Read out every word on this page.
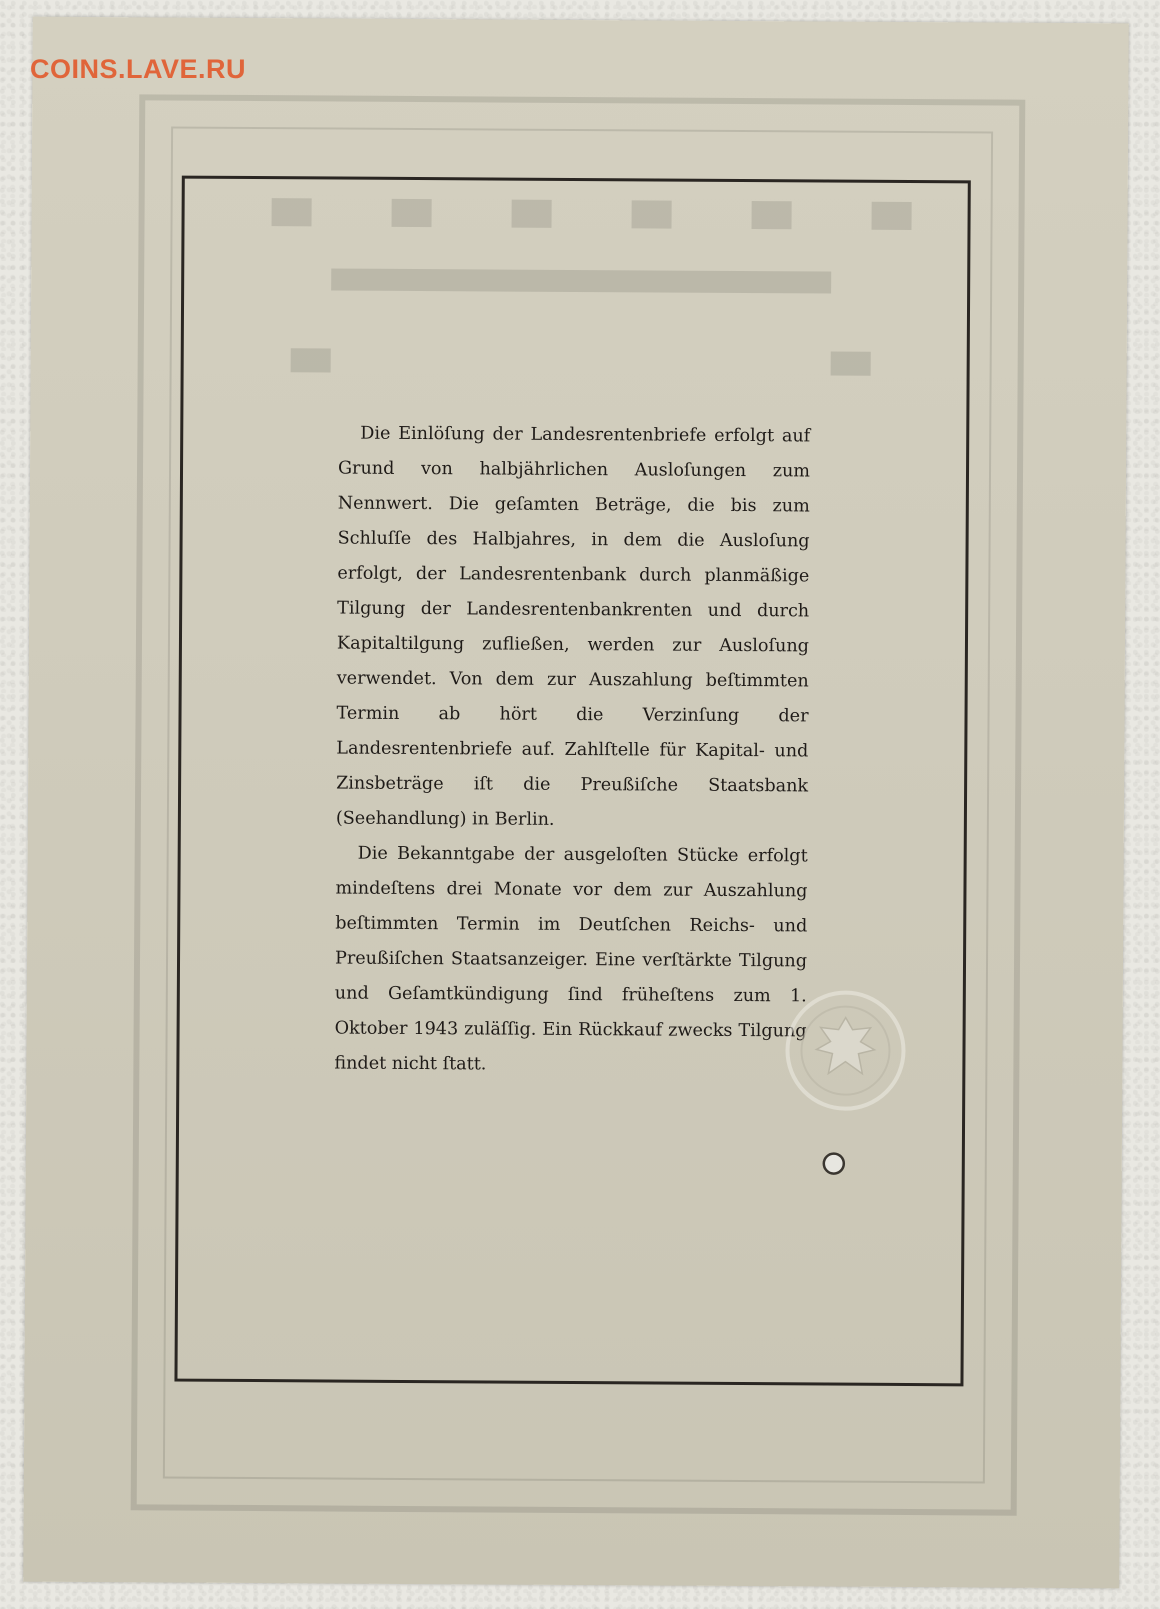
Die Einlöſung der Landesrentenbriefe erfolgt auf Grund von halbjährlichen Ausloſungen zum Nennwert. Die geſamten Beträge, die bis zum Schluſſe des Halbjahres, in dem die Ausloſung erfolgt, der Landesrentenbank durch planmäßige Tilgung der Landesrentenbankrenten und durch Kapitaltilgung zufließen, werden zur Ausloſung verwendet. Von dem zur Auszahlung beſtimmten Termin ab hört die Verzinſung der Landesrentenbriefe auf. Zahlſtelle für Kapital- und Zinsbeträge iſt die Preußiſche Staatsbank (Seehandlung) in Berlin.

Die Bekanntgabe der ausgeloſten Stücke erfolgt mindeſtens drei Monate vor dem zur Auszahlung beſtimmten Termin im Deutſchen Reichs- und Preußiſchen Staatsanzeiger. Eine verſtärkte Tilgung und Geſamtkündigung ſind früheſtens zum 1. Oktober 1943 zuläſſig. Ein Rückkauf zwecks Tilgung findet nicht ſtatt.

COINS.LAVE.RU
